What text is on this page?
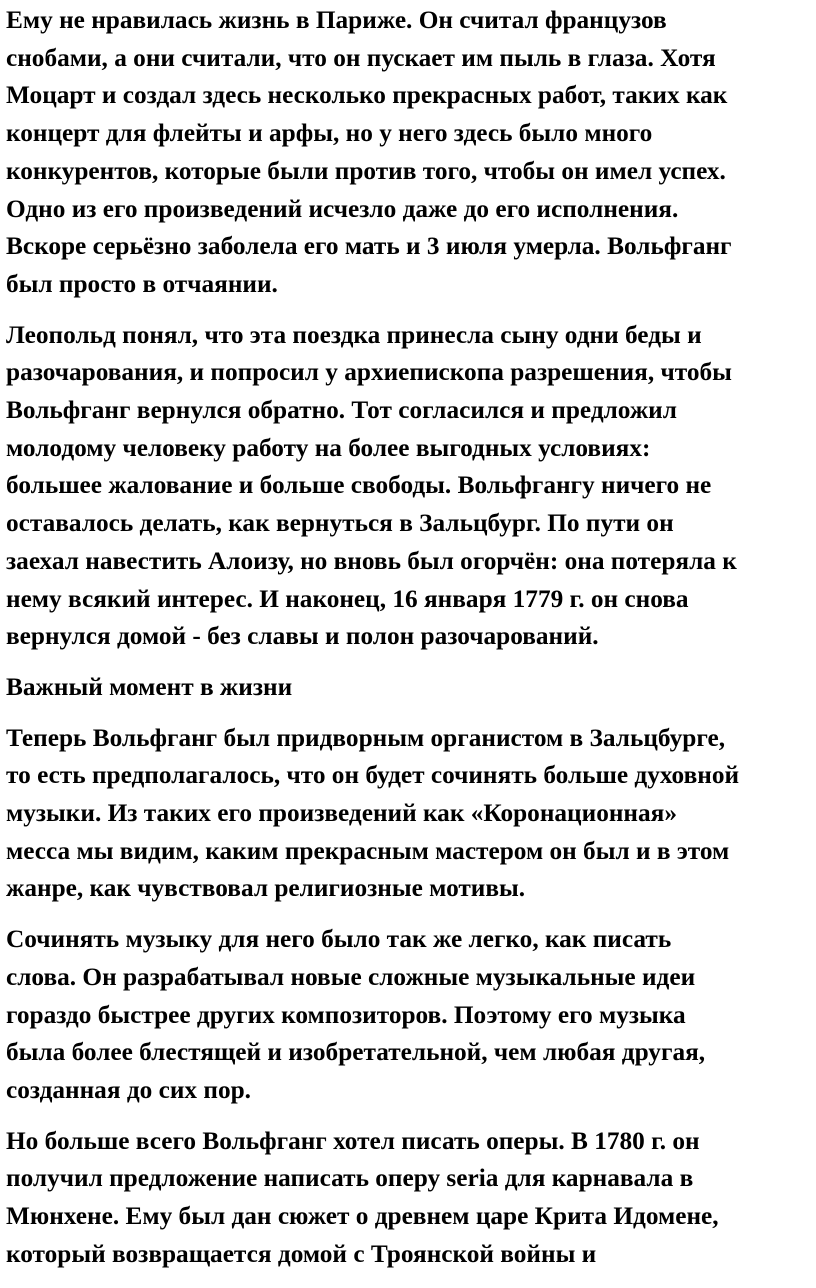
Ему не нравилась жизнь в Париже. Он считал французов
снобами, а они считали, что он пускает им пыль в глаза. Хотя
Моцарт и создал здесь несколько прекрасных работ, таких как
концерт для флейты и арфы, но у него здесь было много
конкурентов, которые были против того, чтобы он имел успех.
Одно из его произведений исчезло даже до его исполнения.
Вскоре серьёзно заболела его мать и 3 июля умерла. Вольфганг
был просто в отчаянии.

Леопольд понял, что эта поездка принесла сыну одни беды и
разочарования, и попросил у архиепископа разрешения, чтобы
Вольфганг вернулся обратно. Тот согласился и предложил
молодому человеку работу на более выгодных условиях:
большее жалование и больше свободы. Вольфгангу ничего не
оставалось делать, как вернуться в Зальцбург. По пути он
заехал навестить Алоизу, но вновь был огорчён: она потеряла к
нему всякий интерес. И наконец, 16 января 1779 г. он снова
вернулся домой - без славы и полон разочарований.

Важный момент в жизни

Теперь Вольфганг был придворным органистом в Зальцбурге,
то есть предполагалось, что он будет сочинять больше духовной
музыки. Из таких его произведений как «Коронационная»
месса мы видим, каким прекрасным мастером он был и в этом
жанре, как чувствовал религиозные мотивы.

Сочинять музыку для него было так же легко, как писать
слова. Он разрабатывал новые сложные музыкальные идеи
гораздо быстрее других композиторов. Поэтому его музыка
была более блестящей и изобретательной, чем любая другая,
созданная до сих пор.

Но больше всего Вольфганг хотел писать оперы. В 1780 г. он
получил предложение написать оперу seria для карнавала в
Мюнхене. Ему был дан сюжет о древнем царе Крита Идомене,
который возвращается домой с Троянской войны и
